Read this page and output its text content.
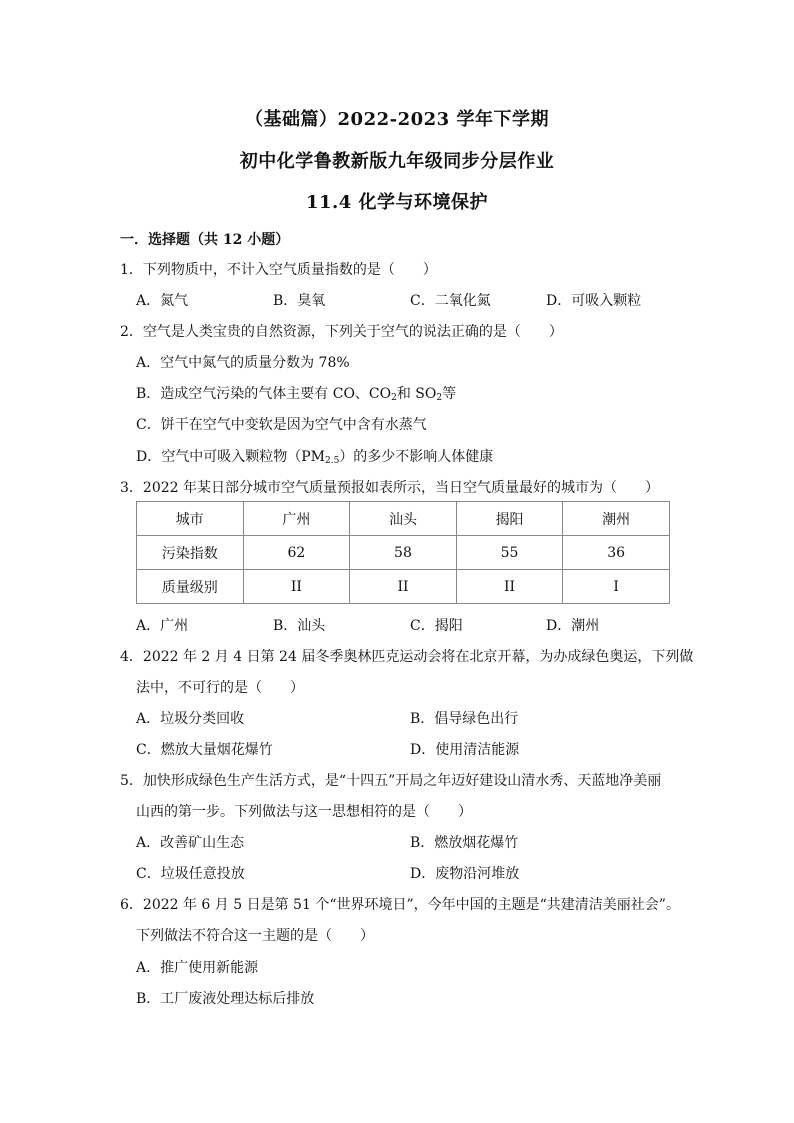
（基础篇）2022-2023 学年下学期
初中化学鲁教新版九年级同步分层作业
11.4 化学与环境保护
一．选择题（共 12 小题）
1．下列物质中，不计入空气质量指数的是（　　）
A．氮气	B．臭氧	C．二氧化氮	D．可吸入颗粒
2．空气是人类宝贵的自然资源，下列关于空气的说法正确的是（　　）
A．空气中氮气的质量分数为 78%
B．造成空气污染的气体主要有 CO、$CO_2$和 $SO_2$等
C．饼干在空气中变软是因为空气中含有水蒸气
D．空气中可吸入颗粒物$(PM_{2.5})$的多少不影响人体健康
3．2022 年某日部分城市空气质量预报如表所示，当日空气质量最好的城市为（　　）
城市	广州	汕头	揭阳	潮州
污染指数	62	58	55	36
质量级别	II	II	II	I
A．广州	B．汕头	C．揭阳	D．潮州
4．2022 年 2 月 4 日第 24 届冬季奥林匹克运动会将在北京开幕，为办成绿色奥运，下列做
法中，不可行的是（　　）
A．垃圾分类回收	B．倡导绿色出行
C．燃放大量烟花爆竹	D．使用清洁能源
5．加快形成绿色生产生活方式，是“十四五”开局之年迈好建设山清水秀、天蓝地净美丽
山西的第一步。下列做法与这一思想相符的是（　　）
A．改善矿山生态	B．燃放烟花爆竹
C．垃圾任意投放	D．废物沿河堆放
6．2022 年 6 月 5 日是第 51 个“世界环境日”，今年中国的主题是“共建清洁美丽社会”。
下列做法不符合这一主题的是（　　）
A．推广使用新能源
B．工厂废液处理达标后排放
